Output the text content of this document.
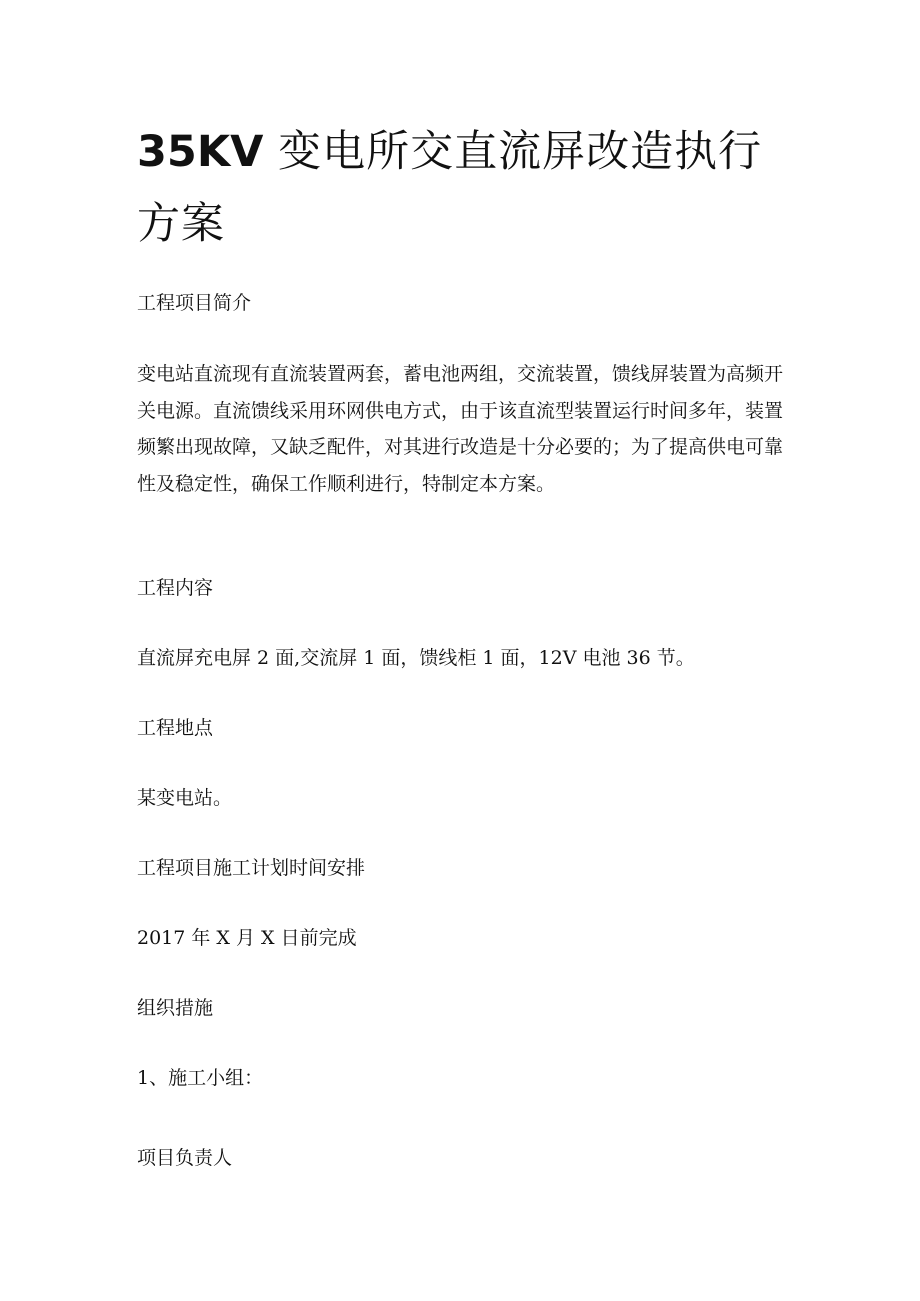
35KV 变电所交直流屏改造执行方案

工程项目简介

变电站直流现有直流装置两套，蓄电池两组，交流装置，馈线屏装置为高频开关电源。直流馈线采用环网供电方式，由于该直流型装置运行时间多年，装置频繁出现故障，又缺乏配件，对其进行改造是十分必要的；为了提高供电可靠性及稳定性，确保工作顺利进行，特制定本方案。

工程内容

直流屏充电屏 2 面,交流屏 1 面，馈线柜 1 面，12V 电池 36 节。

工程地点

某变电站。

工程项目施工计划时间安排

2017 年 X 月 X 日前完成

组织措施

1、施工小组：

项目负责人
